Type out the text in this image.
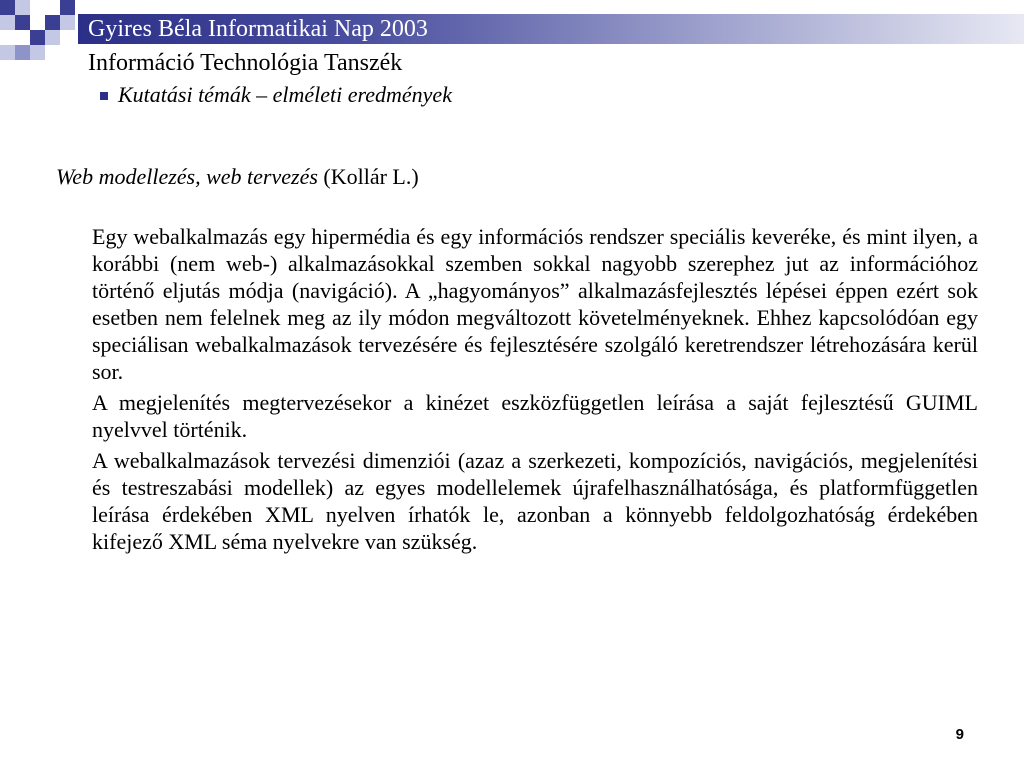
Gyires Béla Informatikai Nap 2003
Információ Technológia Tanszék
Kutatási témák – elméleti eredmények
Web modellezés, web tervezés (Kollár L.)

Egy webalkalmazás egy hipermédia és egy információs rendszer speciális keveréke, és mint ilyen, a korábbi (nem web-) alkalmazásokkal szemben sokkal nagyobb szerephez jut az információhoz történő eljutás módja (navigáció). A „hagyományos” alkalmazásfejlesztés lépései éppen ezért sok esetben nem felelnek meg az ily módon megváltozott követelményeknek. Ehhez kapcsolódóan egy speciálisan webalkalmazások tervezésére és fejlesztésére szolgáló keretrendszer létrehozására kerül sor.

A megjelenítés megtervezésekor a kinézet eszközfüggetlen leírása a saját fejlesztésű GUIML nyelvvel történik.

A webalkalmazások tervezési dimenziói (azaz a szerkezeti, kompozíciós, navigációs, megjelenítési és testreszabási modellek) az egyes modellelemek újrafelhasználhatósága, és platformfüggetlen leírása érdekében XML nyelven írhatók le, azonban a könnyebb feldolgozhatóság érdekében kifejező XML séma nyelvekre van szükség.

9
